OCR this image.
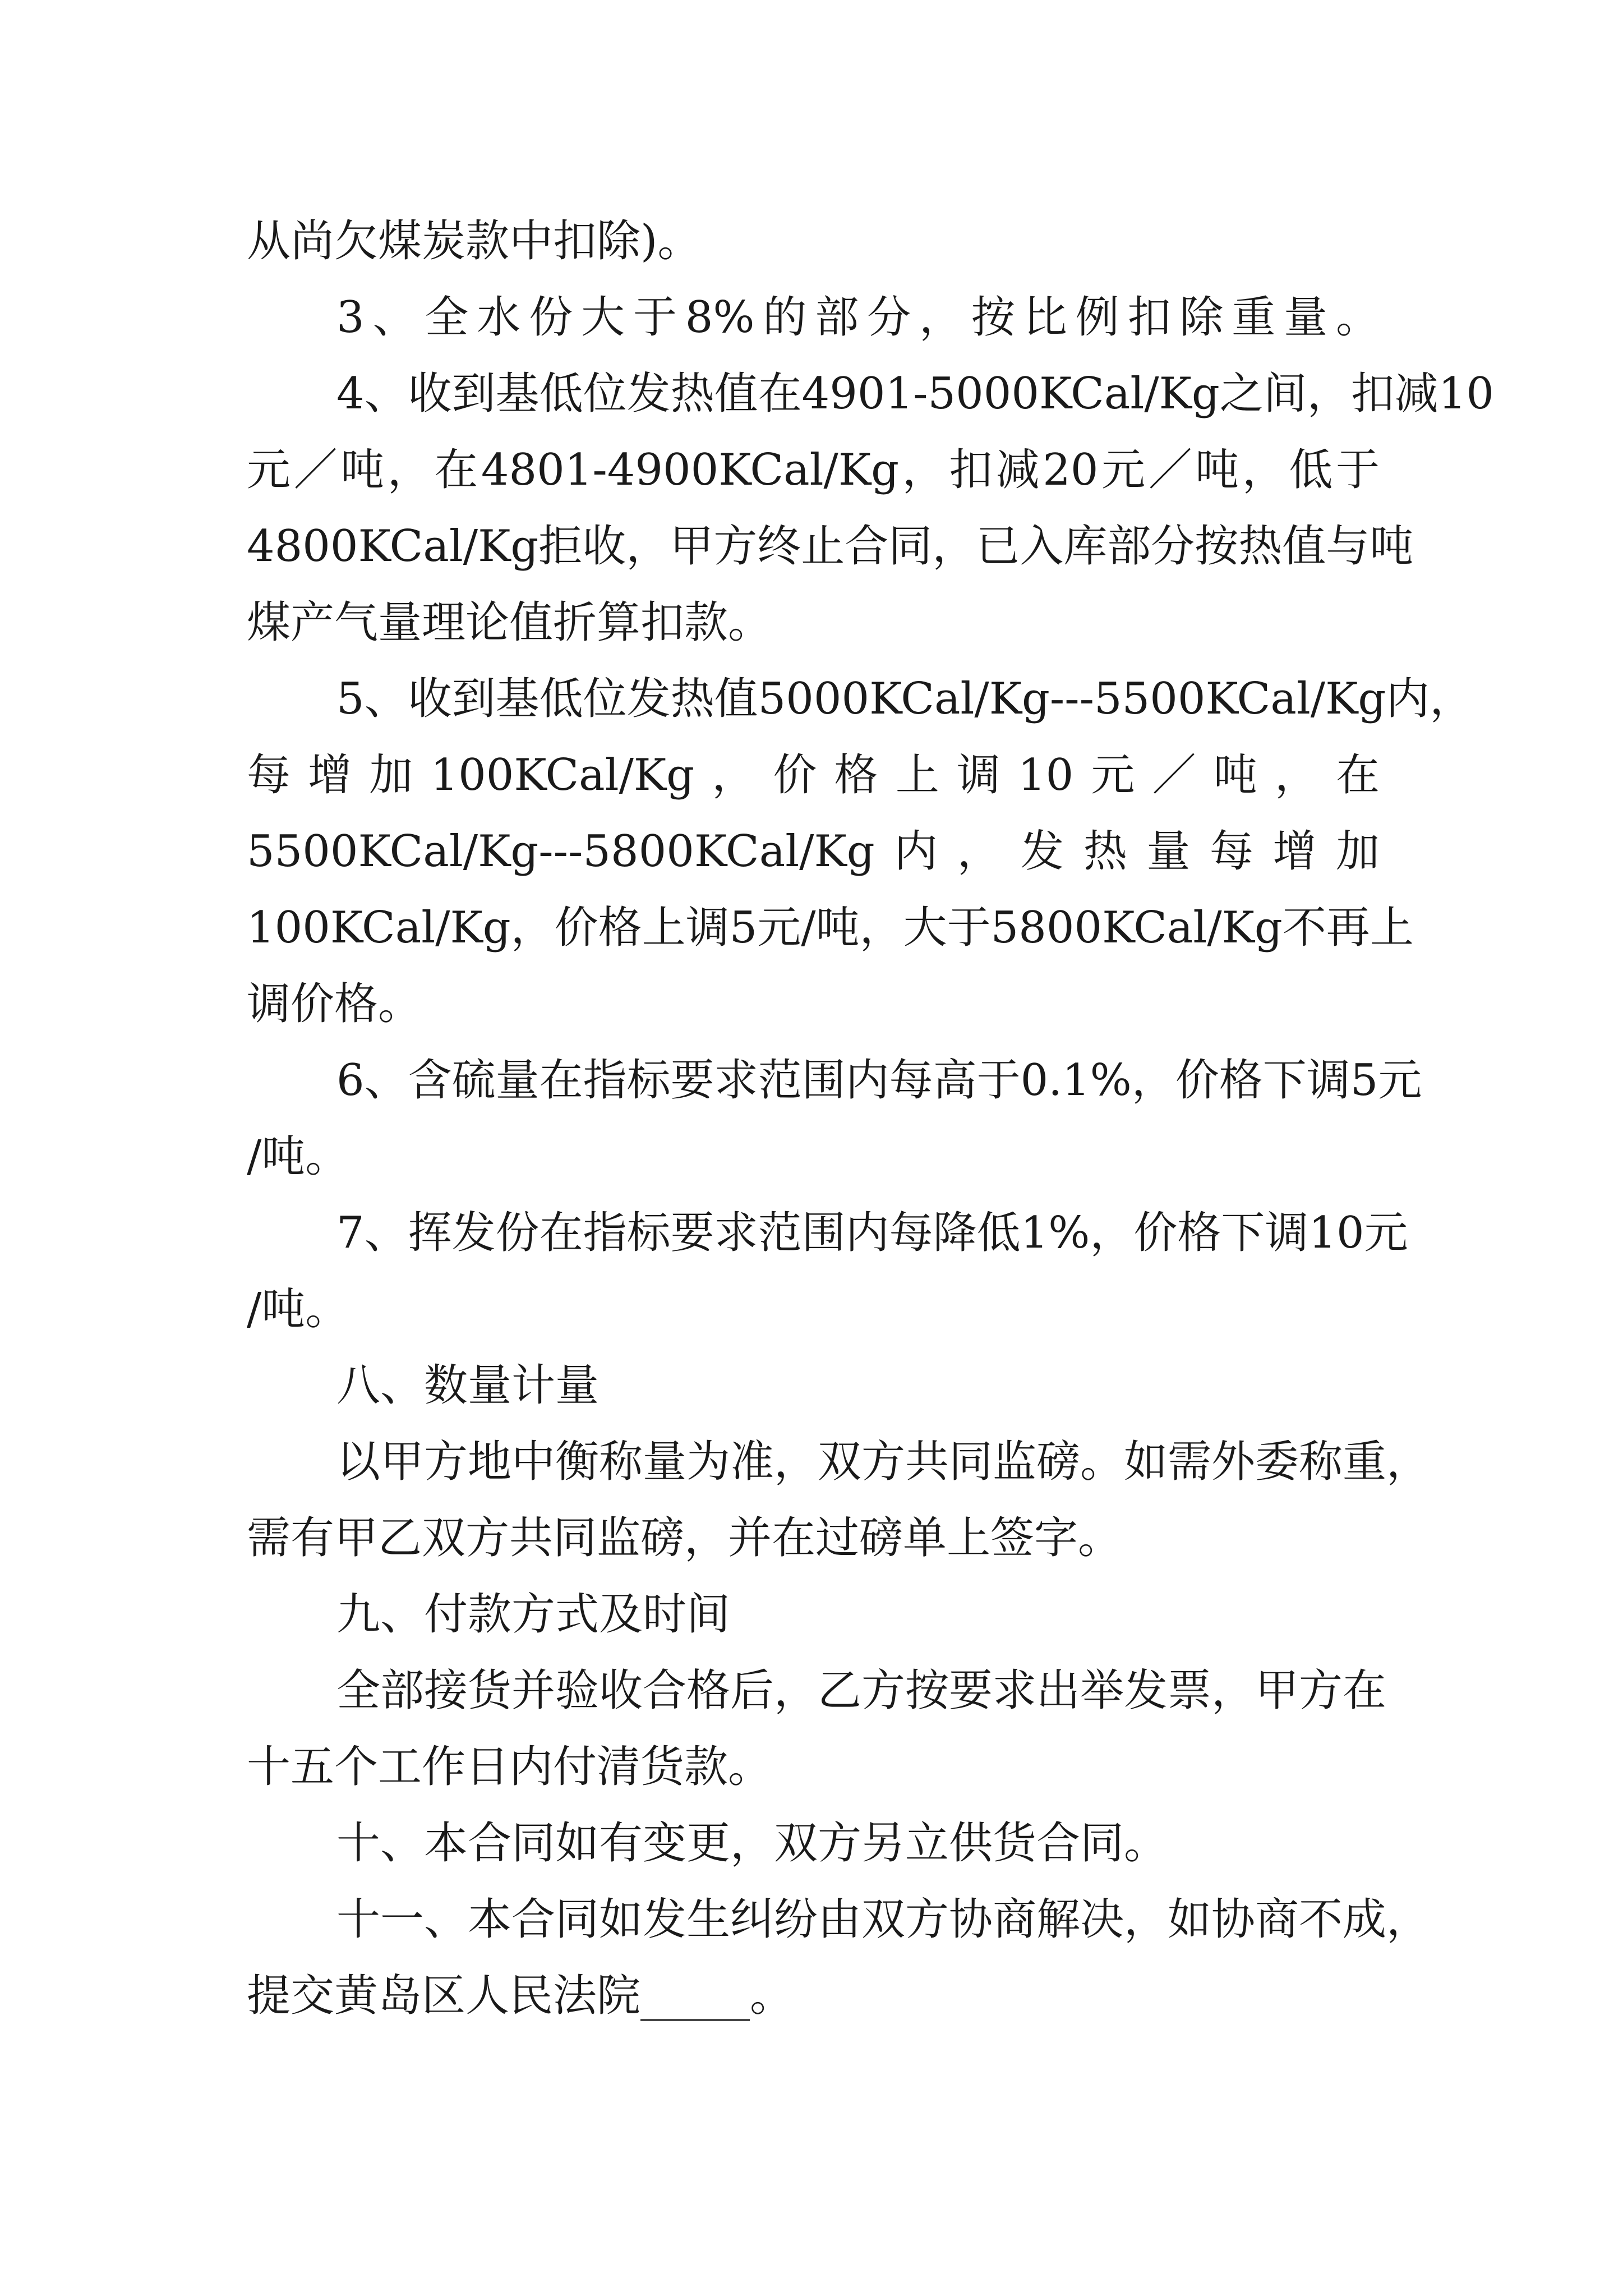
从尚欠煤炭款中扣除)。
3、全水份大于8%的部分，按比例扣除重量。
4、收到基低位发热值在4901-5000KCal/Kg之间，扣减10
元／吨，在4801-4900KCal/Kg，扣减20元／吨，低于
4800KCal/Kg拒收，甲方终止合同，已入库部分按热值与吨
煤产气量理论值折算扣款。
5、收到基低位发热值5000KCal/Kg---5500KCal/Kg内，
每增加100KCal/Kg，价格上调10元／吨，在
5500KCal/Kg---5800KCal/Kg内，发热量每增加
100KCal/Kg，价格上调5元/吨，大于5800KCal/Kg不再上
调价格。
6、含硫量在指标要求范围内每高于0.1%，价格下调5元
/吨。
7、挥发份在指标要求范围内每降低1%，价格下调10元
/吨。
八、数量计量
以甲方地中衡称量为准，双方共同监磅。如需外委称重，
需有甲乙双方共同监磅，并在过磅单上签字。
九、付款方式及时间
全部接货并验收合格后，乙方按要求出举发票，甲方在
十五个工作日内付清货款。
十、本合同如有变更，双方另立供货合同。
十一、本合同如发生纠纷由双方协商解决，如协商不成，
提交黄岛区人民法院_____。
